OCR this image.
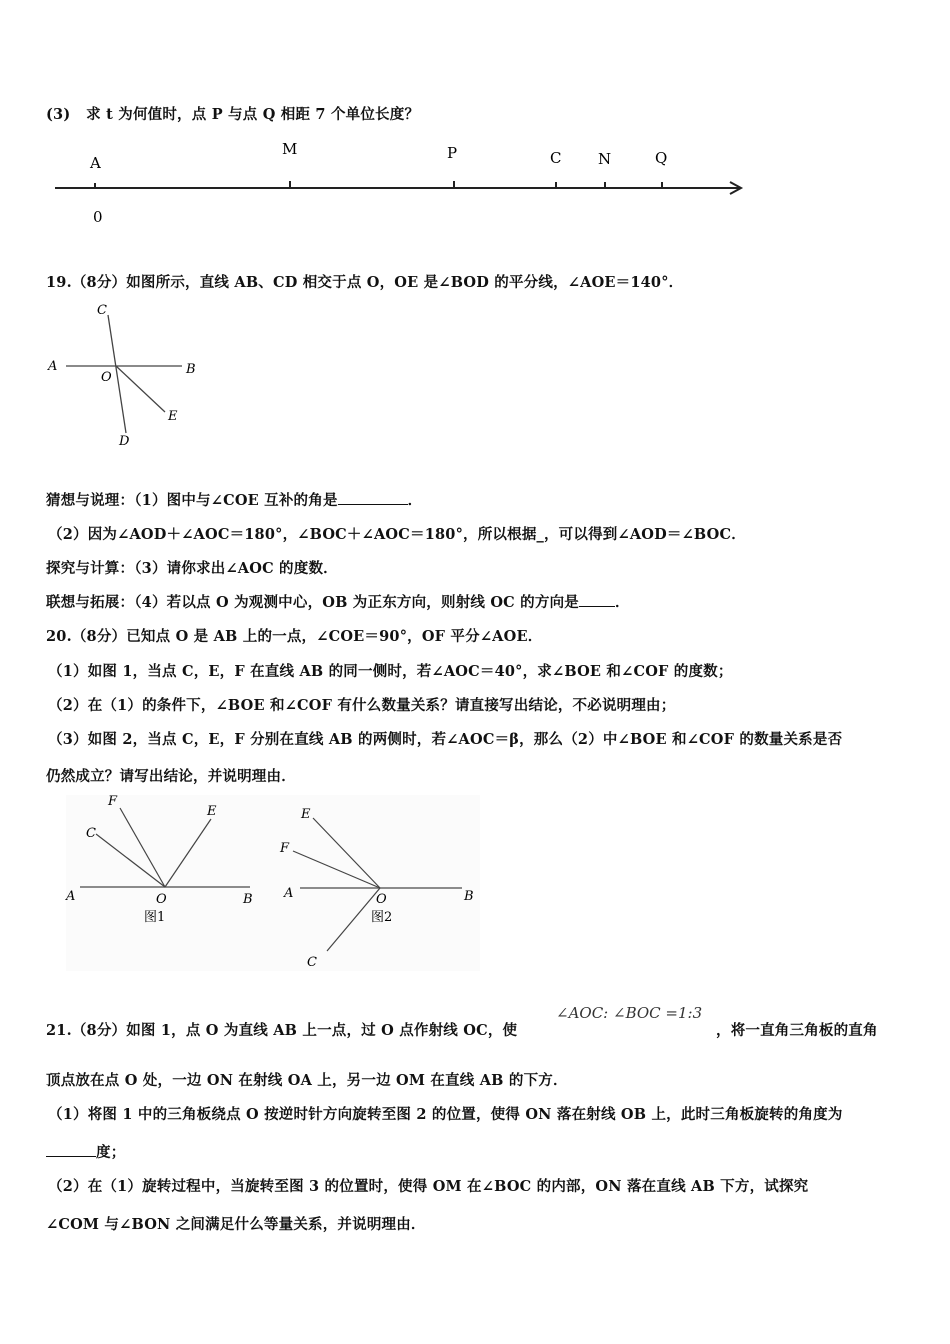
(3)   求 t 为何值时，点 P 与点 Q 相距 7 个单位长度？
A
M	P	C N	Q
0
19.（8分）如图所示，直线 AB、CD 相交于点 O，OE 是∠BOD 的平分线，∠AOE＝140°．
A	B
C
D
E
O
猜想与说理：（1）图中与∠COE 互补的角是	．
（2）因为∠AOD＋∠AOC＝180°，∠BOC＋∠AOC＝180°，所以根据_，可以得到∠AOD＝∠BOC．
探究与计算：（3）请你求出∠AOC 的度数．
联想与拓展：（4）若以点 O 为观测中心，OB 为正东方向，则射线 OC 的方向是 ．
20.（8分）已知点 O 是 AB 上的一点，∠COE＝90°，OF 平分∠AOE．
（1）如图 1，当点 C，E，F 在直线 AB 的同一侧时，若∠AOC＝40°，求∠BOE 和∠COF 的度数；
（2）在（1）的条件下，∠BOE 和∠COF 有什么数量关系？请直接写出结论，不必说明理由；
（3）如图 2，当点 C，E，F 分别在直线 AB 的两侧时，若∠AOC＝β，那么（2）中∠BOE 和∠COF 的数量关系是否
仍然成立？请写出结论，并说明理由．
A	B
C
E
F
O
图1
A	B
C
E
F
O
图2
21.（8分）如图 1，点 O 为直线 AB 上一点，过 O 点作射线 OC，使
∠AOC: ∠BOC =1:3
，将一直角三角板的直角
顶点放在点 O 处，一边 ON 在射线 OA 上，另一边 OM 在直线 AB 的下方．
（1）将图 1 中的三角板绕点 O 按逆时针方向旋转至图 2 的位置，使得 ON 落在射线 OB 上，此时三角板旋转的角度为
度；
（2）在（1）旋转过程中，当旋转至图 3 的位置时，使得 OM 在∠BOC 的内部，ON 落在直线 AB 下方，试探究
∠COM 与∠BON 之间满足什么等量关系，并说明理由．
